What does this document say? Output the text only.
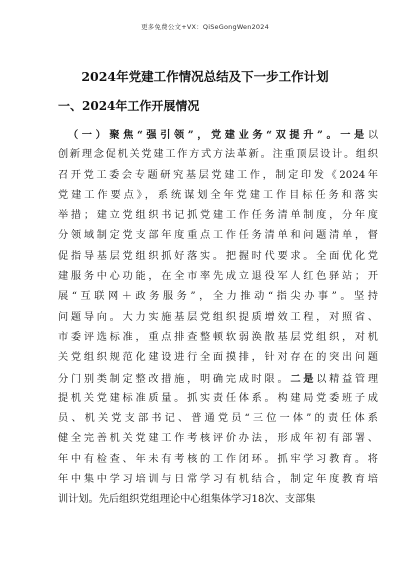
更多免费公文+VX：QiSeGongWen2024
2024年党建工作情况总结及下一步工作计划
一、2024年工作开展情况
（一）聚焦“强引领”，党建业务“双提升”。一是以
创新理念促机关党建工作方式方法革新。注重顶层设计。组织
召开党工委会专题研究基层党建工作，制定印发《2024年
党建工作要点》，系统谋划全年党建工作目标任务和落实
举措；建立党组织书记抓党建工作任务清单制度，分年度
分领域制定党支部年度重点工作任务清单和问题清单，督
促指导基层党组织抓好落实。把握时代要求。全面优化党
建服务中心功能，在全市率先成立退役军人红色驿站；开
展“互联网＋政务服务”，全力推动“指尖办事”。坚持
问题导向。大力实施基层党组织提质增效工程，对照省、
市委评选标准，重点排查整顿软弱涣散基层党组织，对机
关党组织规范化建设进行全面摸排，针对存在的突出问题
分门别类制定整改措施，明确完成时限。二是以精益管理
提机关党建标准质量。抓实责任体系。构建局党委班子成
员、机关党支部书记、普通党员“三位一体”的责任体系
健全完善机关党建工作考核评价办法，形成年初有部署、
年中有检查、年未有考核的工作闭环。抓牢学习教育。将
年中集中学习培训与日常学习有机结合，制定年度教育培
训计划。先后组织党组理论中心组集体学习18次、支部集
